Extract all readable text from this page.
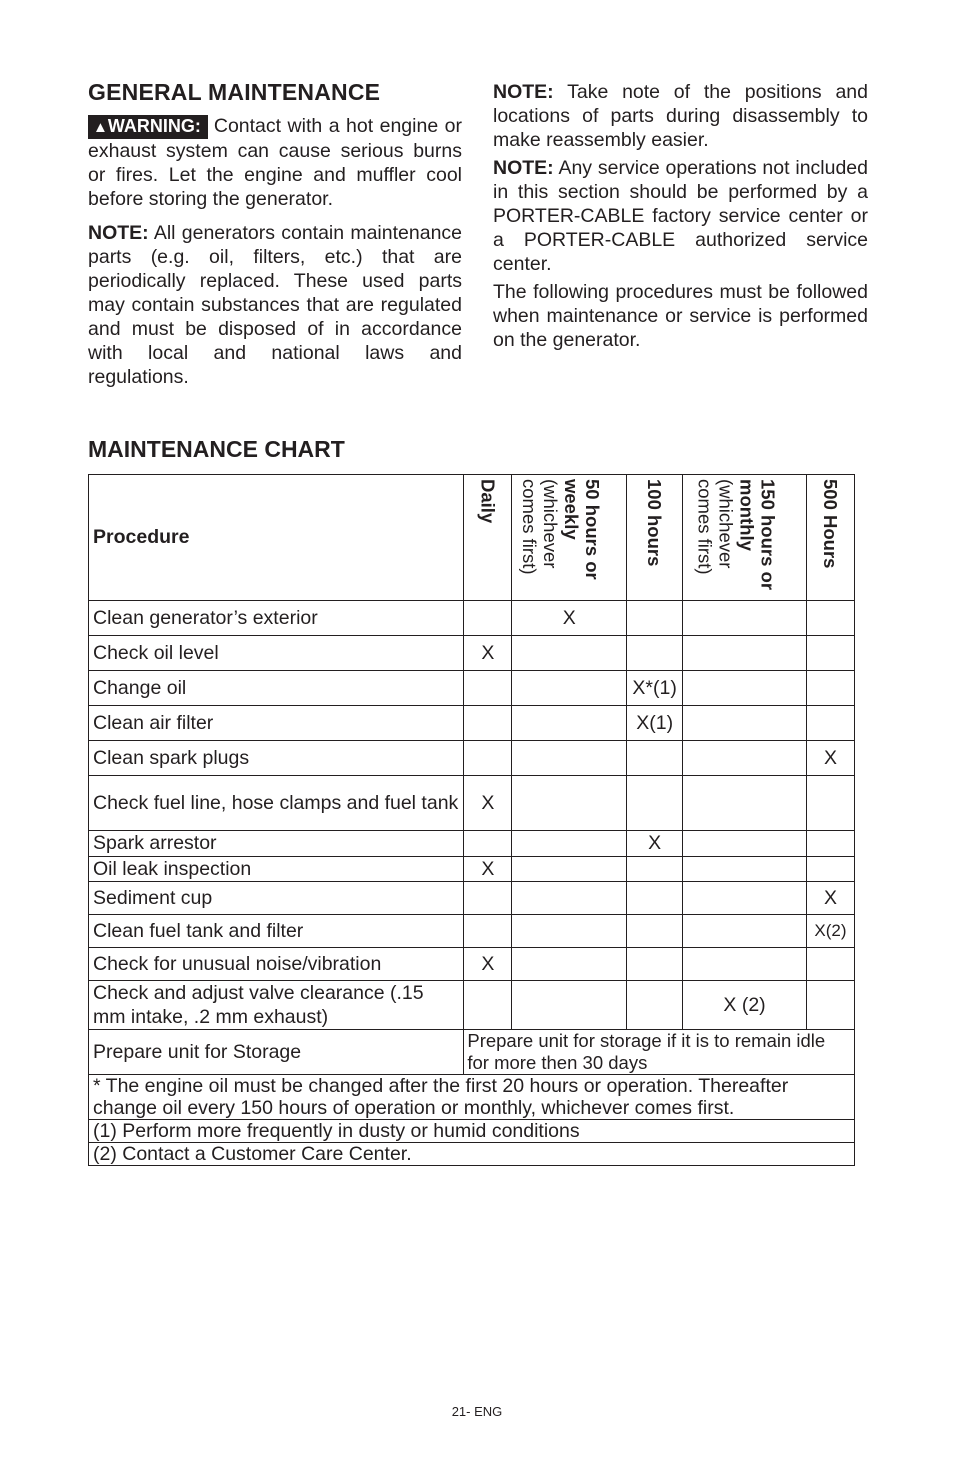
GENERAL MAINTENANCE

▲WARNING: Contact with a hot engine or exhaust system can cause serious burns or fires. Let the engine and muffler cool before storing the generator.

NOTE: All generators contain maintenance parts (e.g. oil, filters, etc.) that are periodically replaced. These used parts may contain substances that are regulated and must be disposed of in accordance with local and national laws and regulations.

NOTE: Take note of the positions and locations of parts during disassembly to make reassembly easier.

NOTE: Any service operations not included in this section should be performed by a PORTER-CABLE factory service center or a PORTER-CABLE authorized service center.

The following procedures must be followed when maintenance or service is performed on the generator.

MAINTENANCE CHART
Procedure	Daily	50 hours or weekly (whichever comes first)	100 hours	150 hours or monthly (whichever comes first)	500 Hours

Clean generator’s exterior		X			
Check oil level	X				
Change oil			X*(1)		
Clean air filter			X(1)		
Clean spark plugs					X
Check fuel line, hose clamps and fuel tank	X				
Spark arrestor			X		
Oil leak inspection	X				
Sediment cup					X
Clean fuel tank and filter					X(2)
Check for unusual noise/vibration	X				
Check and adjust valve clearance (.15 mm intake, .2 mm exhaust)				X (2)	
Prepare unit for Storage	Prepare unit for storage if it is to remain idle for more then 30 days				
* The engine oil must be changed after the first 20 hours or operation. Thereafter change oil every 150 hours of operation or monthly, whichever comes first.					
(1) Perform more frequently in dusty or humid conditions					
(2) Contact a Customer Care Center.					
21- ENG
